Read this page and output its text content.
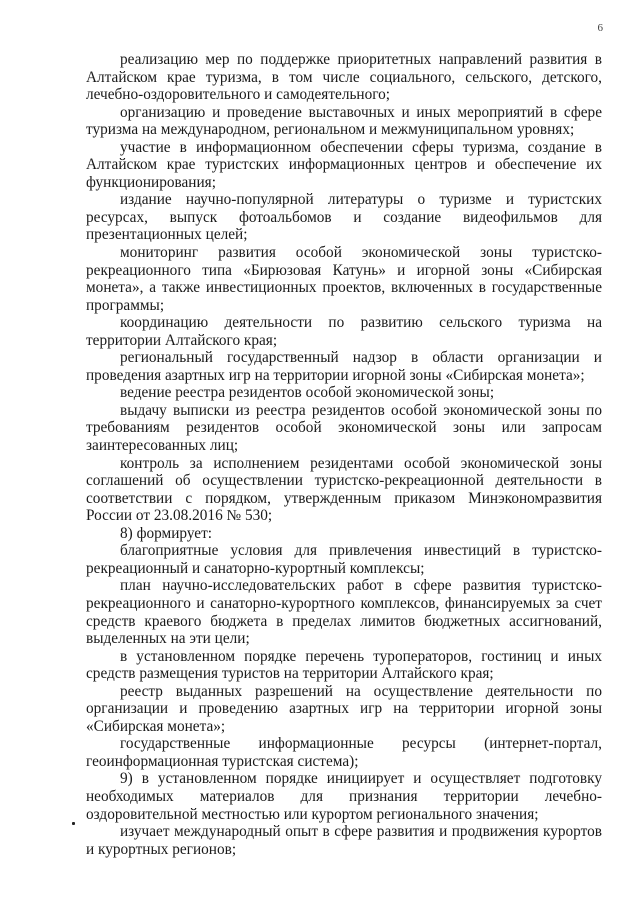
6

реализацию мер по поддержке приоритетных направлений развития в Алтайском крае туризма, в том числе социального, сельского, детского, лечебно-оздоровительного и самодеятельного;

организацию и проведение выставочных и иных мероприятий в сфере туризма на международном, региональном и межмуниципальном уровнях;

участие в информационном обеспечении сферы туризма, создание в Алтайском крае туристских информационных центров и обеспечение их функционирования;

издание научно-популярной литературы о туризме и туристских ресурсах, выпуск фотоальбомов и создание видеофильмов для презентационных целей;

мониторинг развития особой экономической зоны туристско-рекреационного типа «Бирюзовая Катунь» и игорной зоны «Сибирская монета», а также инвестиционных проектов, включенных в государственные программы;

координацию деятельности по развитию сельского туризма на территории Алтайского края;

региональный государственный надзор в области организации и проведения азартных игр на территории игорной зоны «Сибирская монета»;

ведение реестра резидентов особой экономической зоны;

выдачу выписки из реестра резидентов особой экономической зоны по требованиям резидентов особой экономической зоны или запросам заинтересованных лиц;

контроль за исполнением резидентами особой экономической зоны соглашений об осуществлении туристско-рекреационной деятельности в соответствии с порядком, утвержденным приказом Минэкономразвития России от 23.08.2016 № 530;

8) формирует:

благоприятные условия для привлечения инвестиций в туристско-рекреационный и санаторно-курортный комплексы;

план научно-исследовательских работ в сфере развития туристско-рекреационного и санаторно-курортного комплексов, финансируемых за счет средств краевого бюджета в пределах лимитов бюджетных ассигнований, выделенных на эти цели;

в установленном порядке перечень туроператоров, гостиниц и иных средств размещения туристов на территории Алтайского края;

реестр выданных разрешений на осуществление деятельности по организации и проведению азартных игр на территории игорной зоны «Сибирская монета»;

государственные информационные ресурсы (интернет-портал, геоинформационная туристская система);

9) в установленном порядке инициирует и осуществляет подготовку необходимых материалов для признания территории лечебно-оздоровительной местностью или курортом регионального значения;

изучает международный опыт в сфере развития и продвижения курортов и курортных регионов;
